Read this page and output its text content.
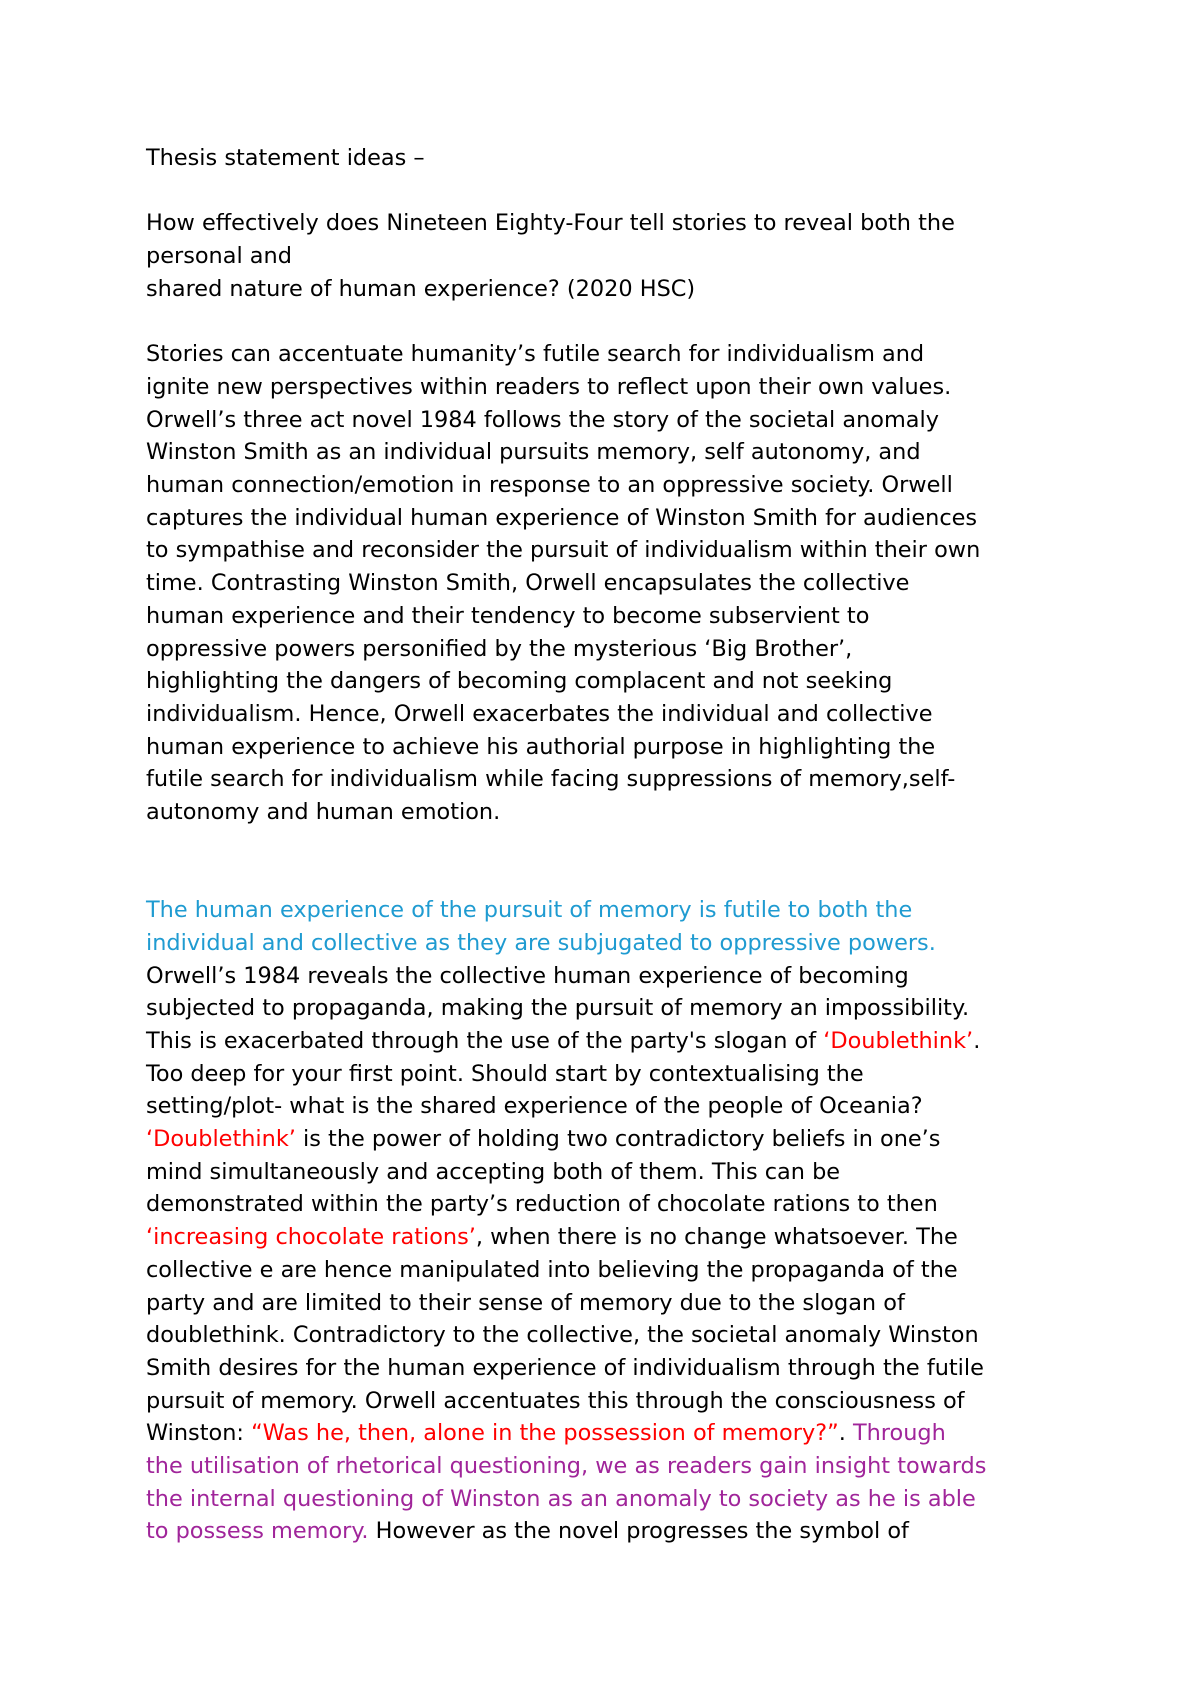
Thesis statement ideas –
How effectively does Nineteen Eighty-Four tell stories to reveal both the
personal and
shared nature of human experience? (2020 HSC)
Stories can accentuate humanity’s futile search for individualism and
ignite new perspectives within readers to reflect upon their own values.
Orwell’s three act novel 1984 follows the story of the societal anomaly
Winston Smith as an individual pursuits memory, self autonomy, and
human connection/emotion in response to an oppressive society. Orwell
captures the individual human experience of Winston Smith for audiences
to sympathise and reconsider the pursuit of individualism within their own
time. Contrasting Winston Smith, Orwell encapsulates the collective
human experience and their tendency to become subservient to
oppressive powers personified by the mysterious ‘Big Brother’,
highlighting the dangers of becoming complacent and not seeking
individualism. Hence, Orwell exacerbates the individual and collective
human experience to achieve his authorial purpose in highlighting the
futile search for individualism while facing suppressions of memory,self-
autonomy and human emotion.
The human experience of the pursuit of memory is futile to both the
individual and collective as they are subjugated to oppressive powers.
Orwell’s 1984 reveals the collective human experience of becoming
subjected to propaganda, making the pursuit of memory an impossibility.
This is exacerbated through the use of the party's slogan of ‘Doublethink’.
Too deep for your first point. Should start by contextualising the
setting/plot- what is the shared experience of the people of Oceania?
‘Doublethink’ is the power of holding two contradictory beliefs in one’s
mind simultaneously and accepting both of them. This can be
demonstrated within the party’s reduction of chocolate rations to then
‘increasing chocolate rations’, when there is no change whatsoever. The
collective e are hence manipulated into believing the propaganda of the
party and are limited to their sense of memory due to the slogan of
doublethink. Contradictory to the collective, the societal anomaly Winston
Smith desires for the human experience of individualism through the futile
pursuit of memory. Orwell accentuates this through the consciousness of
Winston: “Was he, then, alone in the possession of memory?”. Through
the utilisation of rhetorical questioning, we as readers gain insight towards
the internal questioning of Winston as an anomaly to society as he is able
to possess memory. However as the novel progresses the symbol of
